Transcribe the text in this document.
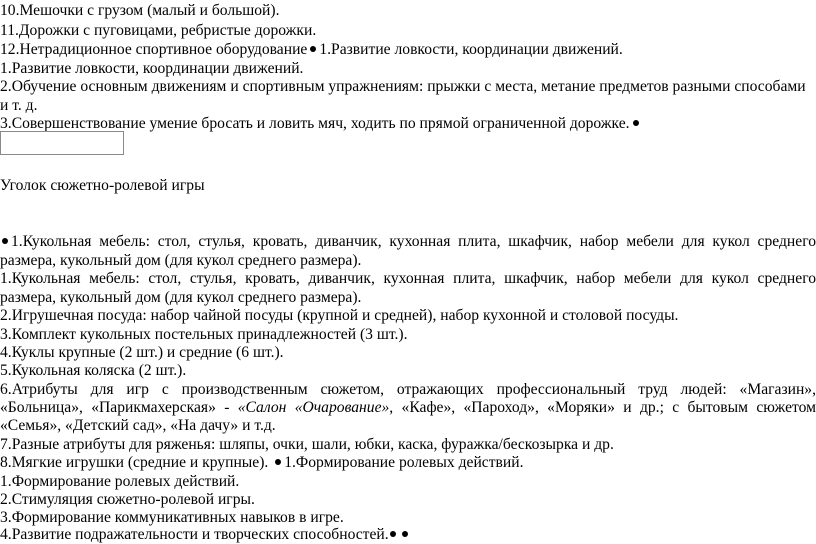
10.Мешочки с грузом (малый и большой).
11.Дорожки с пуговицами, ребристые дорожки.
12.Нетрадиционное спортивное оборудование 1.Развитие ловкости, координации движений.
1.Развитие ловкости, координации движений.
2.Обучение основным движениям и спортивным упражнениям: прыжки с места, метание предметов разными способами
и т. д.
3.Совершенствование умение бросать и ловить мяч, ходить по прямой ограниченной дорожке.
Уголок сюжетно-ролевой игры
1.Кукольная мебель: стол, стулья, кровать, диванчик, кухонная плита, шкафчик, набор мебели для кукол среднего
размера, кукольный дом (для кукол среднего размера).
1.Кукольная мебель: стол, стулья, кровать, диванчик, кухонная плита, шкафчик, набор мебели для кукол среднего
размера, кукольный дом (для кукол среднего размера).
2.Игрушечная посуда: набор чайной посуды (крупной и средней), набор кухонной и столовой посуды.
3.Комплект кукольных постельных принадлежностей (3 шт.).
4.Куклы крупные (2 шт.) и средние (6 шт.).
5.Кукольная коляска (2 шт.).
6.Атрибуты для игр с производственным сюжетом, отражающих профессиональный труд людей: «Магазин»,
«Больница», «Парикмахерская» - «Салон «Очарование», «Кафе», «Пароход», «Моряки» и др.; с бытовым сюжетом
«Семья», «Детский сад», «На дачу» и т.д.
7.Разные атрибуты для ряженья: шляпы, очки, шали, юбки, каска, фуражка/бескозырка и др.
8.Мягкие игрушки (средние и крупные). 1.Формирование ролевых действий.
1.Формирование ролевых действий.
2.Стимуляция сюжетно-ролевой игры.
3.Формирование коммуникативных навыков в игре.
4.Развитие подражательности и творческих способностей.
